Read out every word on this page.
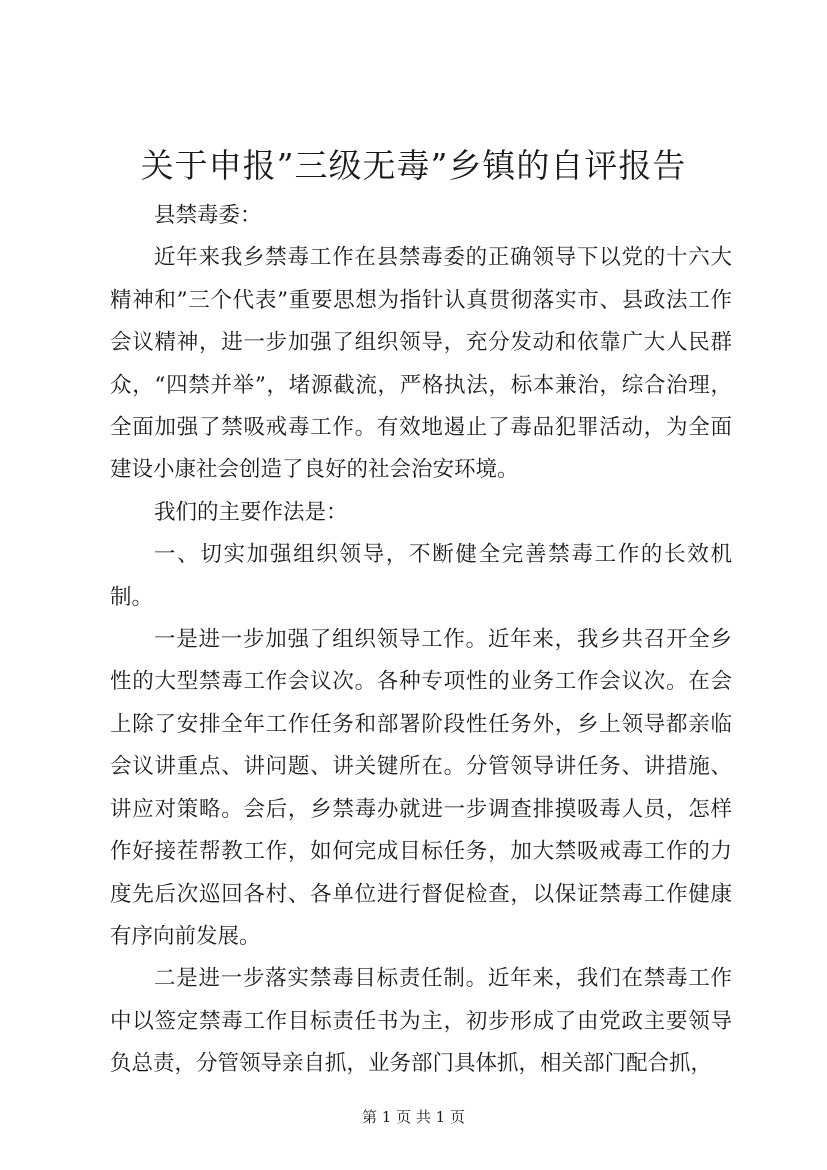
关于申报”三级无毒”乡镇的自评报告

县禁毒委：

近年来我乡禁毒工作在县禁毒委的正确领导下以党的十六大精神和”三个代表”重要思想为指针认真贯彻落实市、县政法工作会议精神，进一步加强了组织领导，充分发动和依靠广大人民群众，“四禁并举”，堵源截流，严格执法，标本兼治，综合治理，全面加强了禁吸戒毒工作。有效地遏止了毒品犯罪活动，为全面建设小康社会创造了良好的社会治安环境。

我们的主要作法是：

一、切实加强组织领导，不断健全完善禁毒工作的长效机制。

一是进一步加强了组织领导工作。近年来，我乡共召开全乡性的大型禁毒工作会议次。各种专项性的业务工作会议次。在会上除了安排全年工作任务和部署阶段性任务外，乡上领导都亲临会议讲重点、讲问题、讲关键所在。分管领导讲任务、讲措施、讲应对策略。会后，乡禁毒办就进一步调查排摸吸毒人员，怎样作好接茬帮教工作，如何完成目标任务，加大禁吸戒毒工作的力度先后次巡回各村、各单位进行督促检查，以保证禁毒工作健康有序向前发展。

二是进一步落实禁毒目标责任制。近年来，我们在禁毒工作中以签定禁毒工作目标责任书为主，初步形成了由党政主要领导负总责，分管领导亲自抓，业务部门具体抓，相关部门配合抓，

第 1 页 共 1 页
